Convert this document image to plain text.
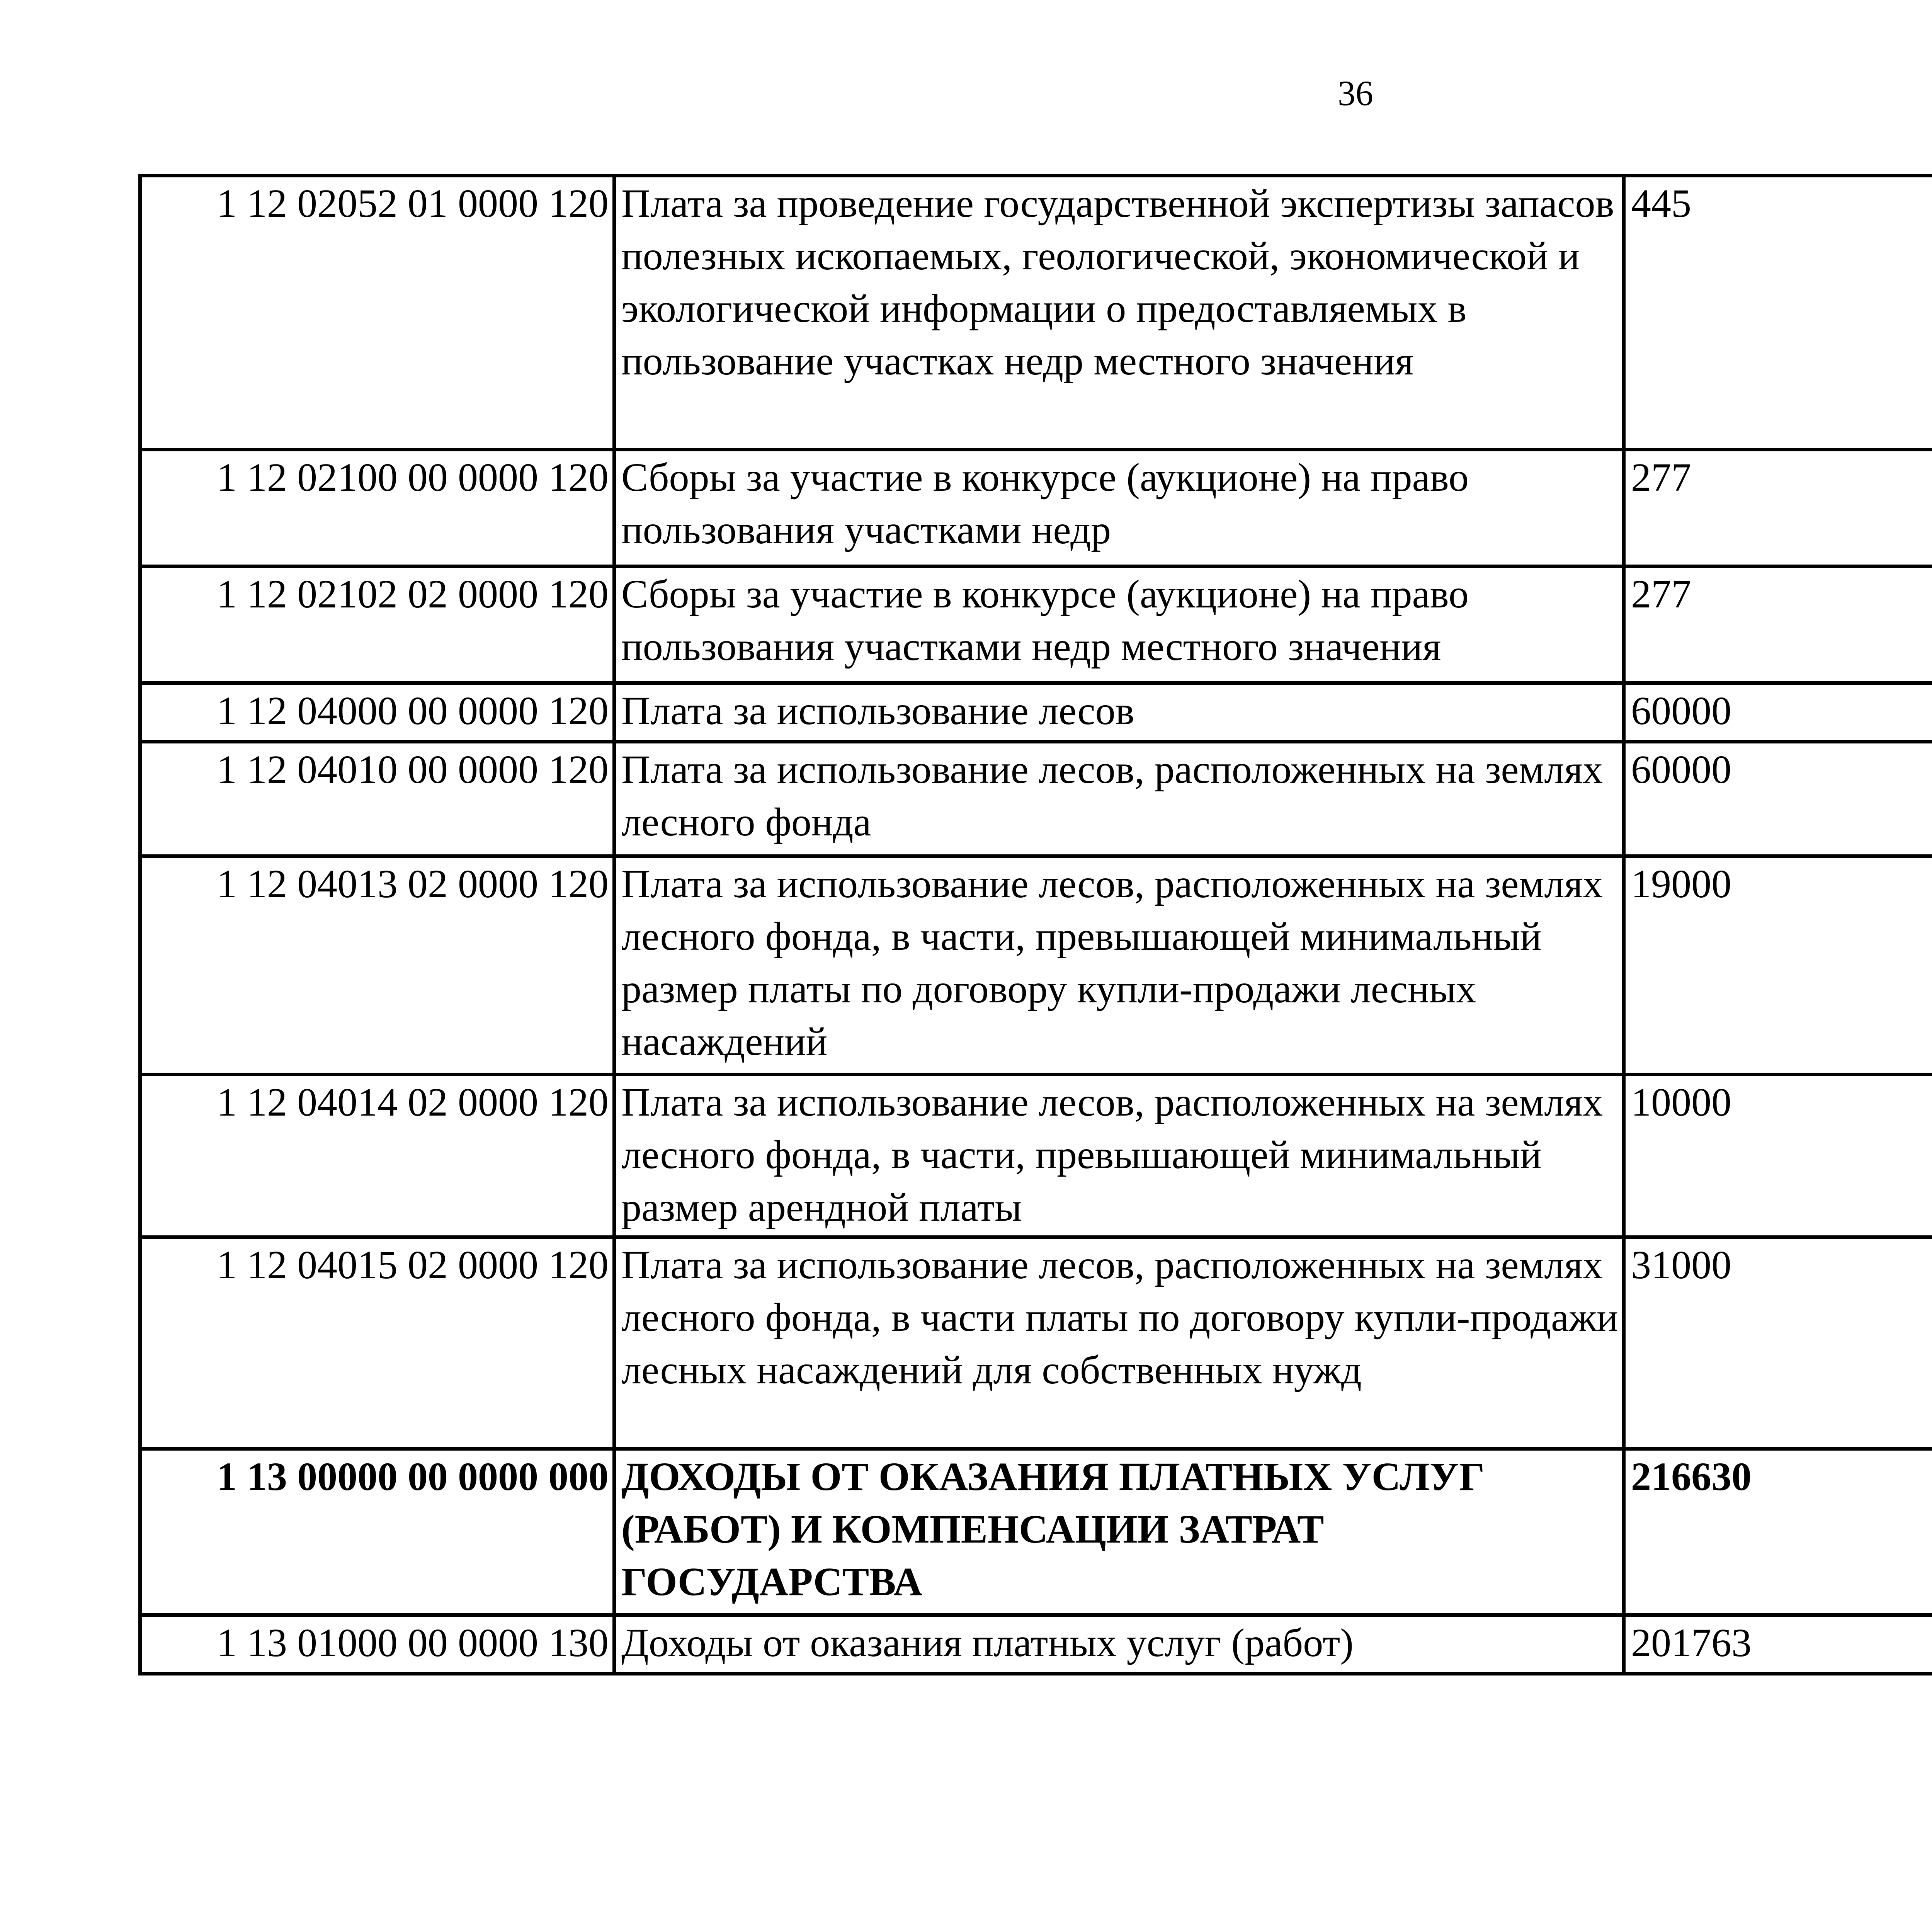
36
1 12 02052 01 0000 120	Плата за проведение государственной экспертизы запасов полезных ископаемых, геологической, экономической и экологической информации о предоставляемых в пользование участках недр местного значения	445		
1 12 02100 00 0000 120	Сборы за участие в конкурсе (аукционе) на право пользования участками недр	277		
1 12 02102 02 0000 120	Сборы за участие в конкурсе (аукционе) на право пользования участками недр местного значения	277		
1 12 04000 00 0000 120	Плата за использование лесов	60000		
1 12 04010 00 0000 120	Плата за использование лесов, расположенных на землях лесного фонда	60000		
1 12 04013 02 0000 120	Плата за использование лесов, расположенных на землях лесного фонда, в части, превышающей минимальный размер платы по договору купли-продажи лесных насаждений	19000		
1 12 04014 02 0000 120	Плата за использование лесов, расположенных на землях лесного фонда, в части, превышающей минимальный размер арендной платы	10000		
1 12 04015 02 0000 120	Плата за использование лесов, расположенных на землях лесного фонда, в части платы по договору купли-продажи лесных насаждений для собственных нужд	31000		
1 13 00000 00 0000 000	ДОХОДЫ ОТ ОКАЗАНИЯ ПЛАТНЫХ УСЛУГ (РАБОТ) И КОМПЕНСАЦИИ ЗАТРАТ ГОСУДАРСТВА	216630		
1 13 01000 00 0000 130	Доходы от оказания платных услуг (работ)	201763		
